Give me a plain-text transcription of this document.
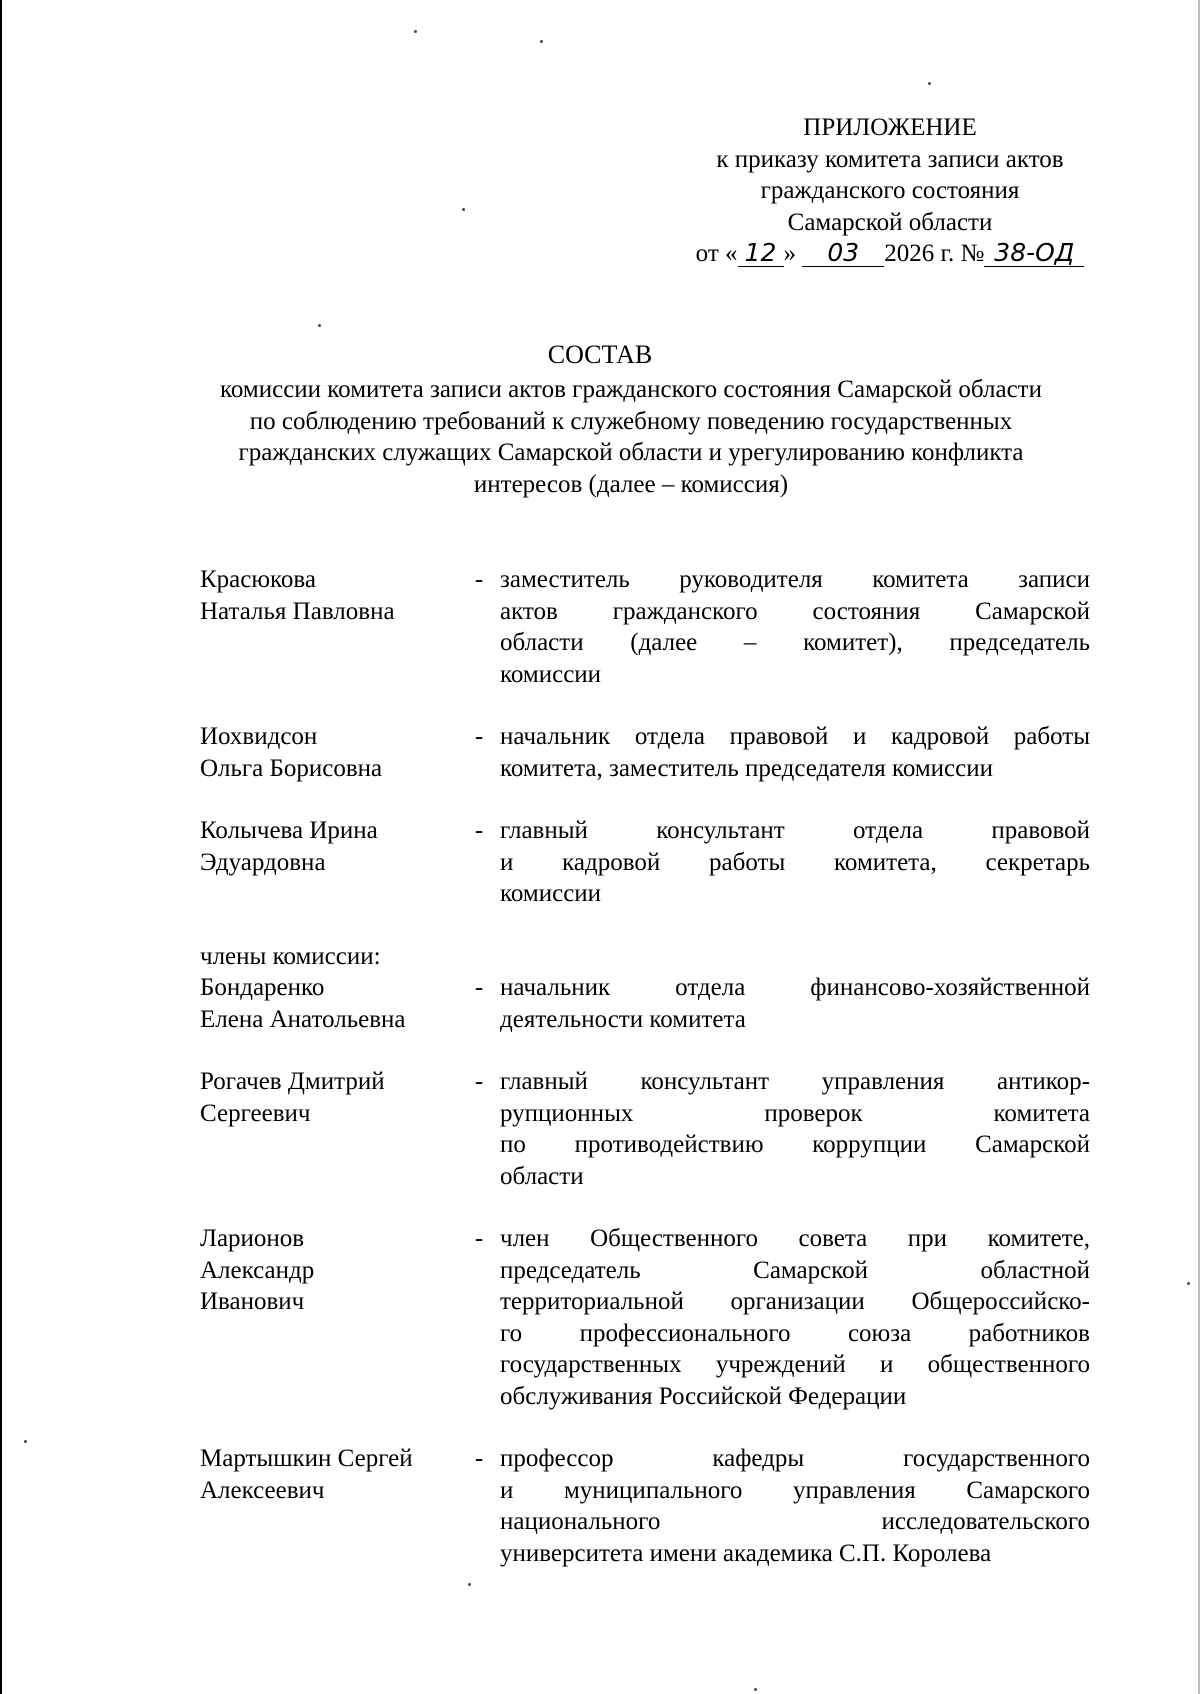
ПРИЛОЖЕНИЕ
к приказу комитета записи актов
гражданского состояния
Самарской области
от « 12 » 03 2026 г. № 38-ОД
СОСТАВ
комиссии комитета записи актов гражданского состояния Самарской области
по соблюдению требований к служебному поведению государственных
гражданских служащих Самарской области и урегулированию конфликта
интересов (далее – комиссия)
Красюкова
Наталья Павловна
- заместитель руководителя комитета записи
актов гражданского состояния Самарской
области (далее – комитет), председатель
комиссии
Иохвидсон
Ольга Борисовна
- начальник отдела правовой и кадровой работы
комитета, заместитель председателя комиссии
Колычева Ирина
Эдуардовна
- главный консультант отдела правовой
и кадровой работы комитета, секретарь
комиссии
члены комиссии:
Бондаренко
Елена Анатольевна
- начальник отдела финансово-хозяйственной
деятельности комитета
Рогачев Дмитрий
Сергеевич
- главный консультант управления антикор-
рупционных проверок комитета
по противодействию коррупции Самарской
области
Ларионов
Александр
Иванович
- член Общественного совета при комитете,
председатель Самарской областной
территориальной организации Общероссийско-
го профессионального союза работников
государственных учреждений и общественного
обслуживания Российской Федерации
Мартышкин Сергей
Алексеевич
- профессор кафедры государственного
и муниципального управления Самарского
национального исследовательского
университета имени академика С.П. Королева
